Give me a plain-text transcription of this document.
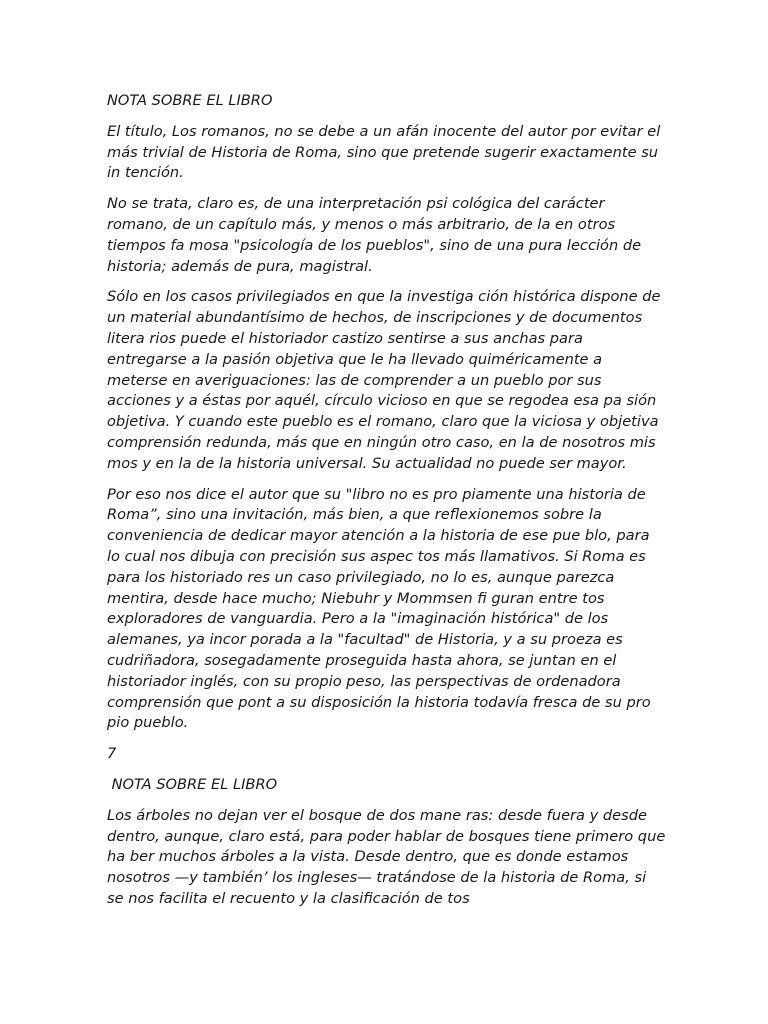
NOTA SOBRE EL LIBRO

El título, Los romanos, no se debe a un afán inocente del autor por evitar el más trivial de Historia de Roma, sino que pretende sugerir exactamente su in tención.

No se trata, claro es, de una interpretación psi cológica del carácter romano, de un capítulo más, y menos o más arbitrario, de la en otros tiempos fa mosa "psicología de los pueblos", sino de una pura lección de historia; además de pura, magistral.

Sólo en los casos privilegiados en que la investiga ción histórica dispone de un material abundantísimo de hechos, de inscripciones y de documentos litera rios puede el historiador castizo sentirse a sus anchas para entregarse a la pasión objetiva que le ha llevado quiméricamente a meterse en averiguaciones: las de comprender a un pueblo por sus acciones y a éstas por aquél, círculo vicioso en que se regodea esa pa sión objetiva. Y cuando este pueblo es el romano, claro que la viciosa y objetiva comprensión redunda, más que en ningún otro caso, en la de nosotros mis mos y en la de la historia universal. Su actualidad no puede ser mayor.

Por eso nos dice el autor que su "libro no es pro piamente una historia de Roma”, sino una invitación, más bien, a que reflexionemos sobre la conveniencia de dedicar mayor atención a la historia de ese pue blo, para lo cual nos dibuja con precisión sus aspec tos más llamativos. Si Roma es para los historiado res un caso privilegiado, no lo es, aunque parezca mentira, desde hace mucho; Niebuhr y Mommsen fi guran entre tos exploradores de vanguardia. Pero a la "imaginación histórica" de los alemanes, ya incor porada a la "facultad" de Historia, y a su proeza es cudriñadora, sosegadamente proseguida hasta ahora, se juntan en el historiador inglés, con su propio peso, las perspectivas de ordenadora comprensión que pont a su disposición la historia todavía fresca de su pro pio pueblo.

7

NOTA SOBRE EL LIBRO

Los árboles no dejan ver el bosque de dos mane ras: desde fuera y desde dentro, aunque, claro está, para poder hablar de bosques tiene primero que ha ber muchos árboles a la vista. Desde dentro, que es donde estamos nosotros —y también’ los ingleses— tratándose de la historia de Roma, si se nos facilita el recuento y la clasificación de tos
